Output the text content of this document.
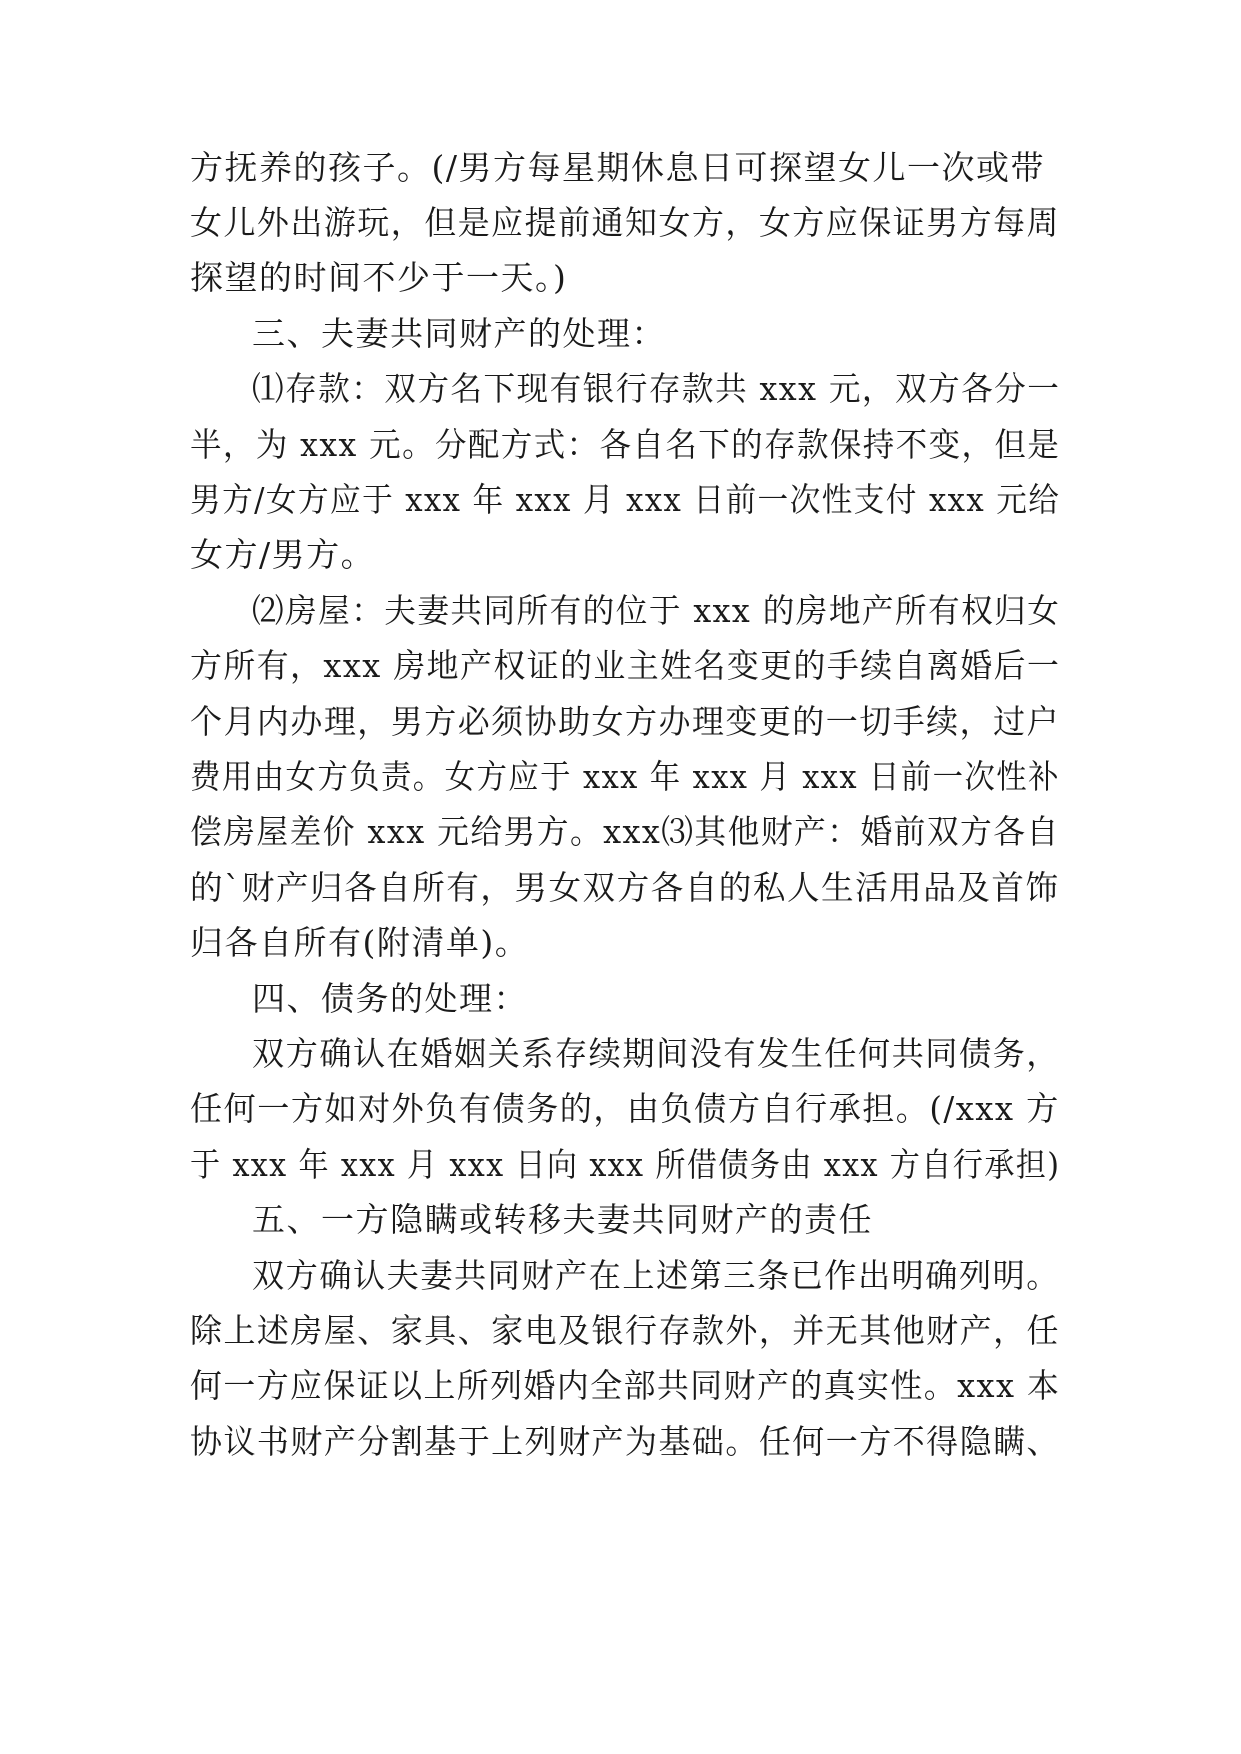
方抚养的孩子。(/男方每星期休息日可探望女儿一次或带
女儿外出游玩，但是应提前通知女方，女方应保证男方每周
探望的时间不少于一天。)
三、夫妻共同财产的处理：
⑴存款：双方名下现有银行存款共 xxx 元，双方各分一
半，为 xxx 元。分配方式：各自名下的存款保持不变，但是
男方/女方应于 xxx 年 xxx 月 xxx 日前一次性支付 xxx 元给
女方/男方。
⑵房屋：夫妻共同所有的位于 xxx 的房地产所有权归女
方所有，xxx 房地产权证的业主姓名变更的手续自离婚后一
个月内办理，男方必须协助女方办理变更的一切手续，过户
费用由女方负责。女方应于 xxx 年 xxx 月 xxx 日前一次性补
偿房屋差价 xxx 元给男方。xxx⑶其他财产：婚前双方各自
的`财产归各自所有，男女双方各自的私人生活用品及首饰
归各自所有(附清单)。
四、债务的处理：
双方确认在婚姻关系存续期间没有发生任何共同债务，
任何一方如对外负有债务的，由负债方自行承担。(/xxx 方
于 xxx 年 xxx 月 xxx 日向 xxx 所借债务由 xxx 方自行承担)
五、一方隐瞒或转移夫妻共同财产的责任
双方确认夫妻共同财产在上述第三条已作出明确列明。
除上述房屋、家具、家电及银行存款外，并无其他财产，任
何一方应保证以上所列婚内全部共同财产的真实性。xxx 本
协议书财产分割基于上列财产为基础。任何一方不得隐瞒、
